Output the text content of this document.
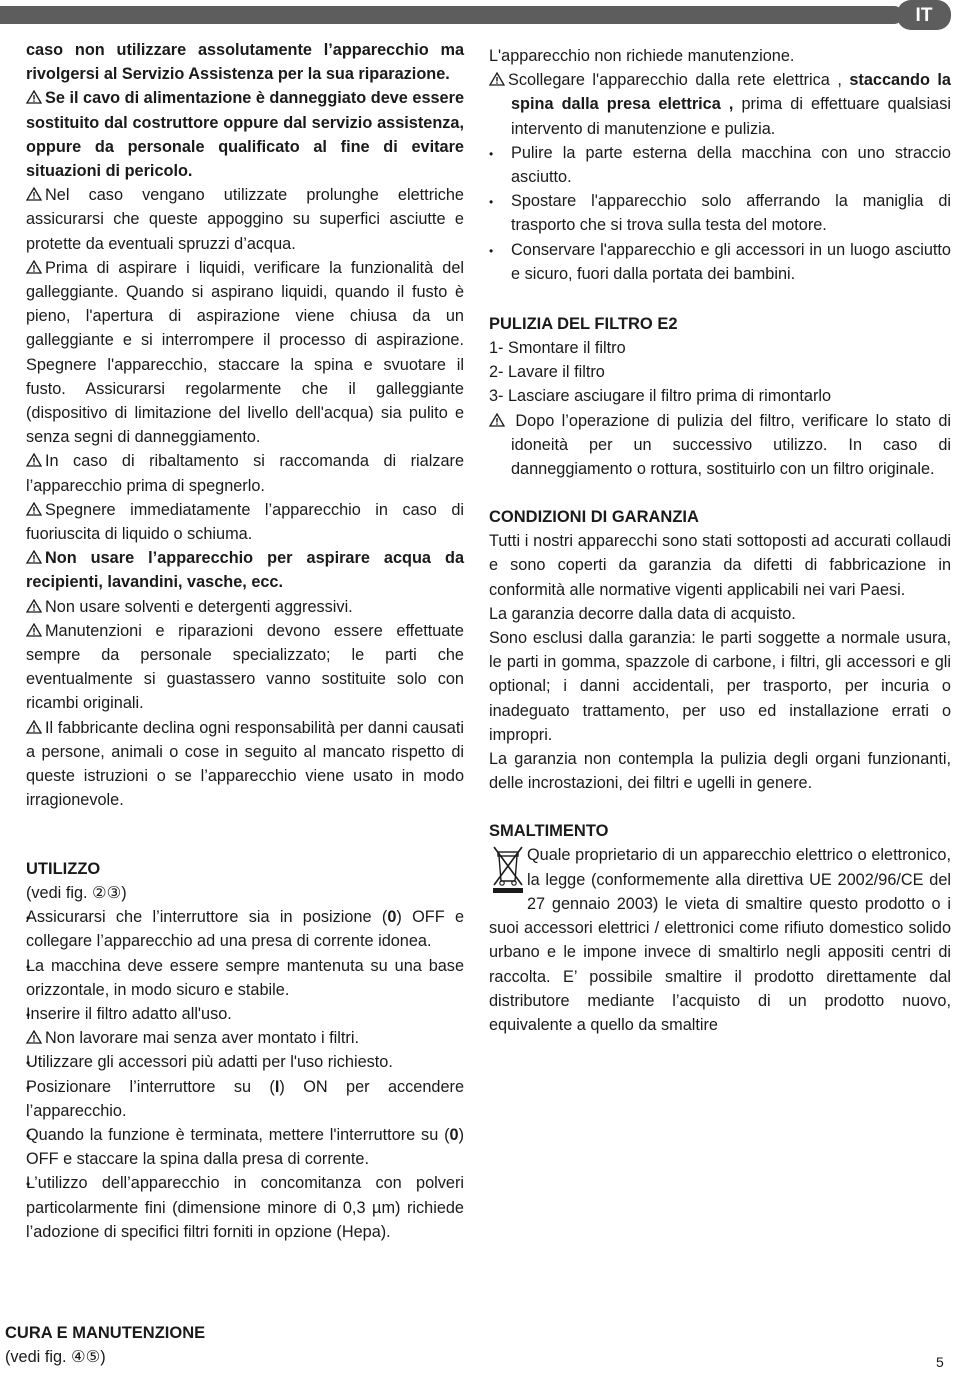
IT

caso non utilizzare assolutamente l’apparecchio ma rivolgersi al Servizio Assistenza per la sua riparazione.

Se il cavo di alimentazione è danneggiato deve essere sostituito dal costruttore oppure dal servizio assistenza, oppure da personale qualificato al fine di evitare situazioni di pericolo.

Nel caso vengano utilizzate prolunghe elettriche assicurarsi che queste appoggino su superfici asciutte e protette da eventuali spruzzi d’acqua.

Prima di aspirare i liquidi, verificare la funzionalità del galleggiante. Quando si aspirano liquidi, quando il fusto è pieno, l'apertura di aspirazione viene chiusa da un galleggiante e si interrompere il processo di aspirazione. Spegnere l'apparecchio, staccare la spina e svuotare il fusto. Assicurarsi regolarmente che il galleggiante (dispositivo di limitazione del livello dell'acqua) sia pulito e senza segni di danneggiamento.

In caso di ribaltamento si raccomanda di rialzare l’apparecchio prima di spegnerlo.

Spegnere immediatamente l’apparecchio in caso di fuoriuscita di liquido o schiuma.

Non usare l’apparecchio per aspirare acqua da recipienti, lavandini, vasche, ecc.

Non usare solventi e detergenti aggressivi.

Manutenzioni e riparazioni devono essere effettuate sempre da personale specializzato; le parti che eventualmente si guastassero vanno sostituite solo con ricambi originali.

Il fabbricante declina ogni responsabilità per danni causati a persone, animali o cose in seguito al mancato rispetto di queste istruzioni o se l’apparecchio viene usato in modo irragionevole.

UTILIZZO

(vedi fig. ②③)

• Assicurarsi che l’interruttore sia in posizione (0) OFF e collegare l’apparecchio ad una presa di corrente idonea.

• La macchina deve essere sempre mantenuta su una base orizzontale, in modo sicuro e stabile.

• Inserire il filtro adatto all'uso.

Non lavorare mai senza aver montato i filtri.

• Utilizzare gli accessori più adatti per l'uso richiesto.

• Posizionare l’interruttore su (I) ON per accendere l’apparecchio.

• Quando la funzione è terminata, mettere l'interruttore su (0) OFF e staccare la spina dalla presa di corrente.

• L’utilizzo dell’apparecchio in concomitanza con polveri particolarmente fini (dimensione minore di 0,3 µm) richiede l’adozione di specifici filtri forniti in opzione (Hepa).

CURA E MANUTENZIONE

(vedi fig. ④⑤)

L'apparecchio non richiede manutenzione.

Scollegare l'apparecchio dalla rete elettrica , staccando la spina dalla presa elettrica , prima di effettuare qualsiasi intervento di manutenzione e pulizia.

• Pulire la parte esterna della macchina con uno straccio asciutto.

• Spostare l'apparecchio solo afferrando la maniglia di trasporto che si trova sulla testa del motore.

• Conservare l'apparecchio e gli accessori in un luogo asciutto e sicuro, fuori dalla portata dei bambini.

PULIZIA DEL FILTRO E2

1- Smontare il filtro

2- Lavare il filtro

3- Lasciare asciugare il filtro prima di rimontarlo

Dopo l’operazione di pulizia del filtro, verificare lo stato di idoneità per un successivo utilizzo. In caso di danneggiamento o rottura, sostituirlo con un filtro originale.

CONDIZIONI DI GARANZIA

Tutti i nostri apparecchi sono stati sottoposti ad accurati collaudi e sono coperti da garanzia da difetti di fabbricazione in conformità alle normative vigenti applicabili nei vari Paesi.

La garanzia decorre dalla data di acquisto.

Sono esclusi dalla garanzia: le parti soggette a normale usura, le parti in gomma, spazzole di carbone, i filtri, gli accessori e gli optional; i danni accidentali, per trasporto, per incuria o inadeguato trattamento, per uso ed installazione errati o impropri.

La garanzia non contempla la pulizia degli organi funzionanti, delle incrostazioni, dei filtri e ugelli in genere.

SMALTIMENTO

Quale proprietario di un apparecchio elettrico o elettronico, la legge (conformemente alla direttiva UE 2002/96/CE del 27 gennaio 2003) le vieta di smaltire questo prodotto o i suoi accessori elettrici / elettronici come rifiuto domestico solido urbano e le impone invece di smaltirlo negli appositi centri di raccolta. E’ possibile smaltire il prodotto direttamente dal distributore mediante l’acquisto di un prodotto nuovo, equivalente a quello da smaltire

5
